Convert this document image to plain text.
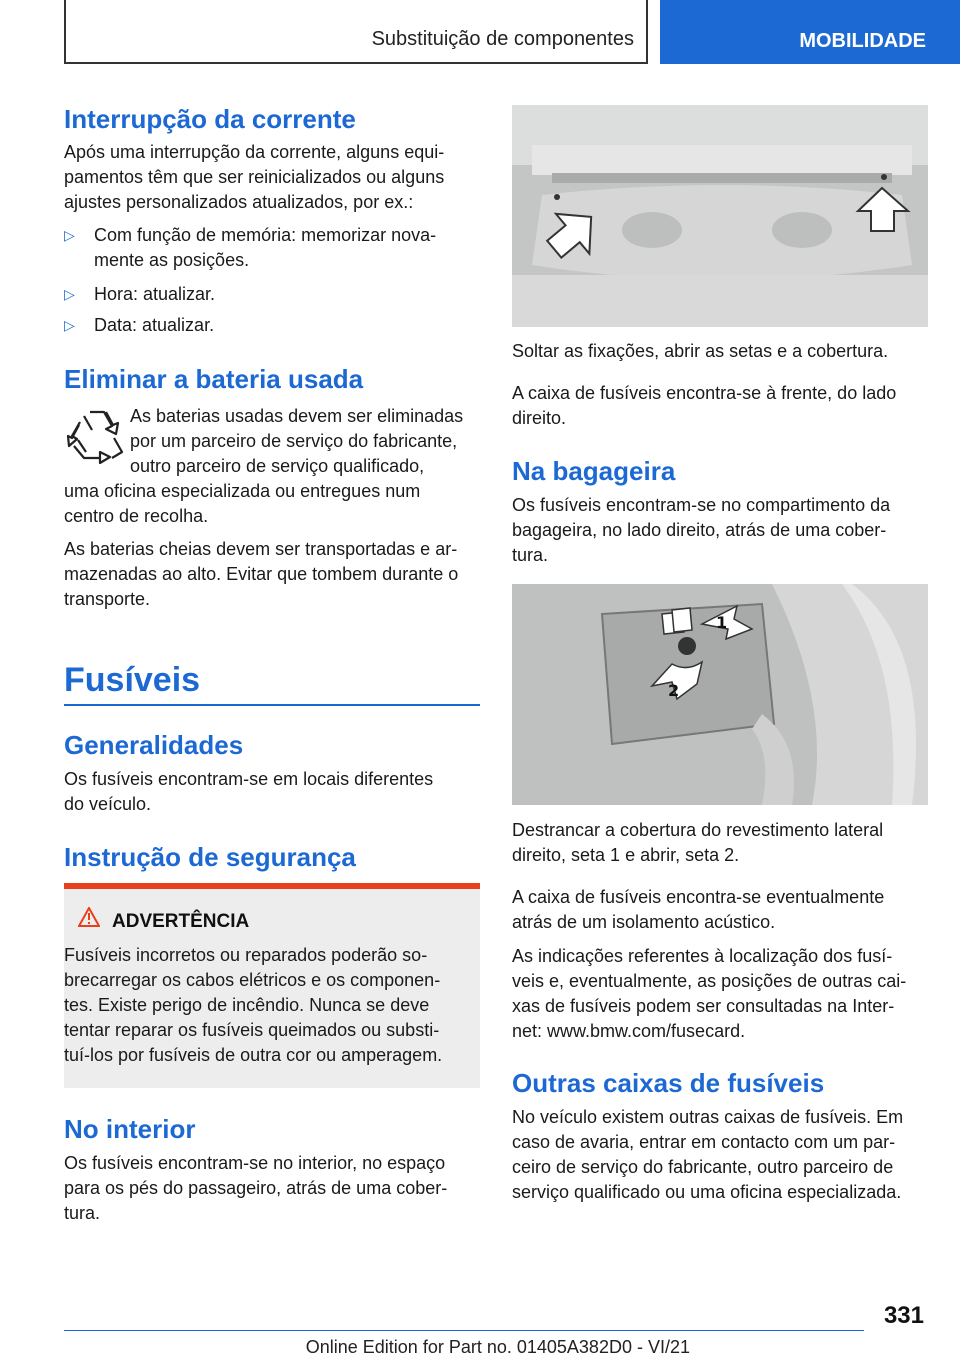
Substituição de componentes	MOBILIDADE
Interrupção da corrente

Após uma interrupção da corrente, alguns equi-
pamentos têm que ser reinicializados ou alguns
ajustes personalizados atualizados, por ex.:

▷ Com função de memória: memorizar nova-
mente as posições.
▷ Hora: atualizar.
▷ Data: atualizar.
Eliminar a bateria usada

As baterias usadas devem ser eliminadas
por um parceiro de serviço do fabricante,
outro parceiro de serviço qualificado,

uma oficina especializada ou entregues num
centro de recolha.

As baterias cheias devem ser transportadas e ar-
mazenadas ao alto. Evitar que tombem durante o
transporte.

Fusíveis
Generalidades

Os fusíveis encontram-se em locais diferentes
do veículo.

Instrução de segurança
ADVERTÊNCIA

Fusíveis incorretos ou reparados poderão so-
brecarregar os cabos elétricos e os componen-
tes. Existe perigo de incêndio. Nunca se deve
tentar reparar os fusíveis queimados ou substi-
tuí-los por fusíveis de outra cor ou amperagem.

No interior

Os fusíveis encontram-se no interior, no espaço
para os pés do passageiro, atrás de uma cober-
tura.

Soltar as fixações, abrir as setas e a cobertura.

A caixa de fusíveis encontra-se à frente, do lado
direito.

Na bagageira

Os fusíveis encontram-se no compartimento da
bagageira, no lado direito, atrás de uma cober-
tura.

1
2

Destrancar a cobertura do revestimento lateral
direito, seta 1 e abrir, seta 2.

A caixa de fusíveis encontra-se eventualmente
atrás de um isolamento acústico.

As indicações referentes à localização dos fusí-
veis e, eventualmente, as posições de outras cai-
xas de fusíveis podem ser consultadas na Inter-
net: www.bmw.com/fusecard.

Outras caixas de fusíveis

No veículo existem outras caixas de fusíveis. Em
caso de avaria, entrar em contacto com um par-
ceiro de serviço do fabricante, outro parceiro de
serviço qualificado ou uma oficina especializada.

331
Online Edition for Part no. 01405A382D0 - VI/21
